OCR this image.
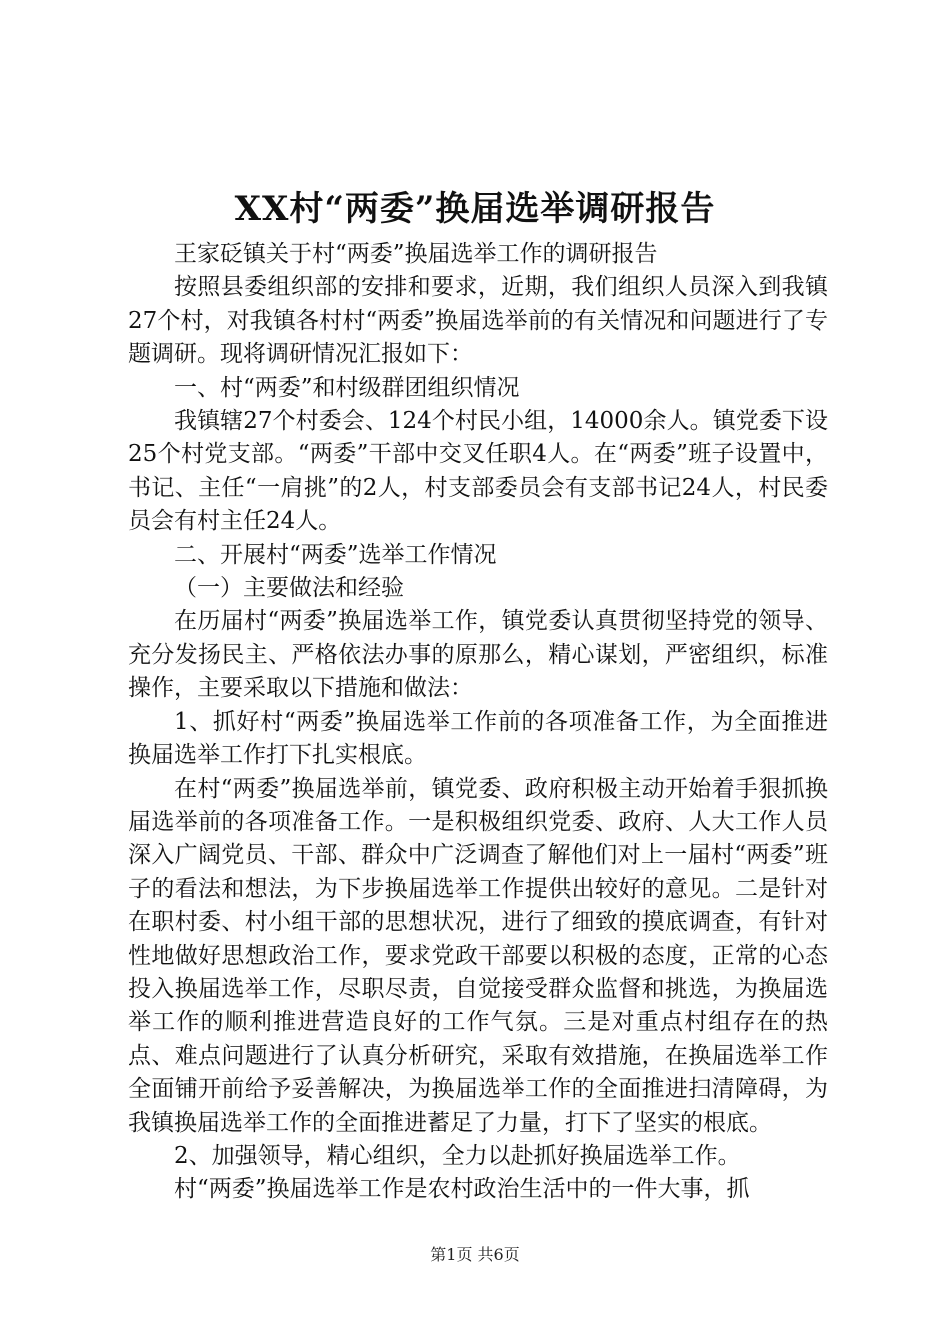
XX村“两委”换届选举调研报告

王家砭镇关于村“两委”换届选举工作的调研报告

按照县委组织部的安排和要求，近期，我们组织人员深入到我镇27个村，对我镇各村村“两委”换届选举前的有关情况和问题进行了专题调研。现将调研情况汇报如下：

一、村“两委”和村级群团组织情况

我镇辖27个村委会、124个村民小组，14000余人。镇党委下设25个村党支部。“两委”干部中交叉任职4人。在“两委”班子设置中，书记、主任“一肩挑”的2人，村支部委员会有支部书记24人，村民委员会有村主任24人。

二、开展村“两委”选举工作情况

（一）主要做法和经验

在历届村“两委”换届选举工作，镇党委认真贯彻坚持党的领导、充分发扬民主、严格依法办事的原那么，精心谋划，严密组织，标准操作，主要采取以下措施和做法：

1、抓好村“两委”换届选举工作前的各项准备工作，为全面推进换届选举工作打下扎实根底。

在村“两委”换届选举前，镇党委、政府积极主动开始着手狠抓换届选举前的各项准备工作。一是积极组织党委、政府、人大工作人员深入广阔党员、干部、群众中广泛调查了解他们对上一届村“两委”班子的看法和想法，为下步换届选举工作提供出较好的意见。二是针对在职村委、村小组干部的思想状况，进行了细致的摸底调查，有针对性地做好思想政治工作，要求党政干部要以积极的态度，正常的心态投入换届选举工作，尽职尽责，自觉接受群众监督和挑选，为换届选举工作的顺利推进营造良好的工作气氛。三是对重点村组存在的热点、难点问题进行了认真分析研究，采取有效措施，在换届选举工作全面铺开前给予妥善解决，为换届选举工作的全面推进扫清障碍，为我镇换届选举工作的全面推进蓄足了力量，打下了坚实的根底。

2、加强领导，精心组织，全力以赴抓好换届选举工作。

村“两委”换届选举工作是农村政治生活中的一件大事，抓

第1页 共6页
